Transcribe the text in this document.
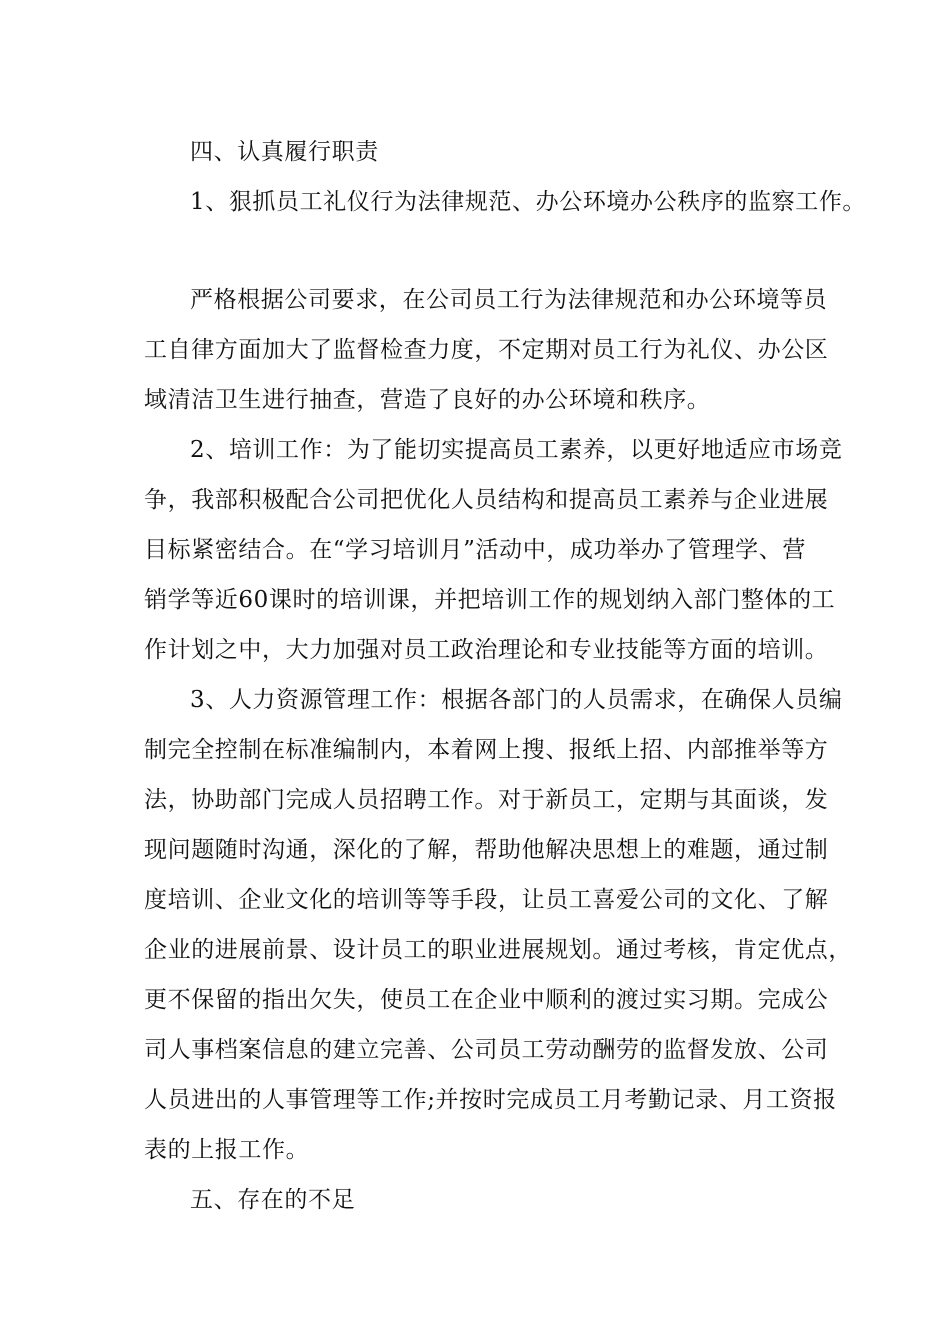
四、认真履行职责
1、狠抓员工礼仪行为法律规范、办公环境办公秩序的监察工作。
严格根据公司要求，在公司员工行为法律规范和办公环境等员
工自律方面加大了监督检查力度，不定期对员工行为礼仪、办公区
域清洁卫生进行抽查，营造了良好的办公环境和秩序。
2、培训工作：为了能切实提高员工素养，以更好地适应市场竞
争，我部积极配合公司把优化人员结构和提高员工素养与企业进展
目标紧密结合。在“学习培训月”活动中，成功举办了管理学、营
销学等近60课时的培训课，并把培训工作的规划纳入部门整体的工
作计划之中，大力加强对员工政治理论和专业技能等方面的培训。
3、人力资源管理工作：根据各部门的人员需求，在确保人员编
制完全控制在标准编制内，本着网上搜、报纸上招、内部推举等方
法，协助部门完成人员招聘工作。对于新员工，定期与其面谈，发
现问题随时沟通，深化的了解，帮助他解决思想上的难题，通过制
度培训、企业文化的培训等等手段，让员工喜爱公司的文化、了解
企业的进展前景、设计员工的职业进展规划。通过考核，肯定优点，
更不保留的指出欠失，使员工在企业中顺利的渡过实习期。完成公
司人事档案信息的建立完善、公司员工劳动酬劳的监督发放、公司
人员进出的人事管理等工作;并按时完成员工月考勤记录、月工资报
表的上报工作。
五、存在的不足
